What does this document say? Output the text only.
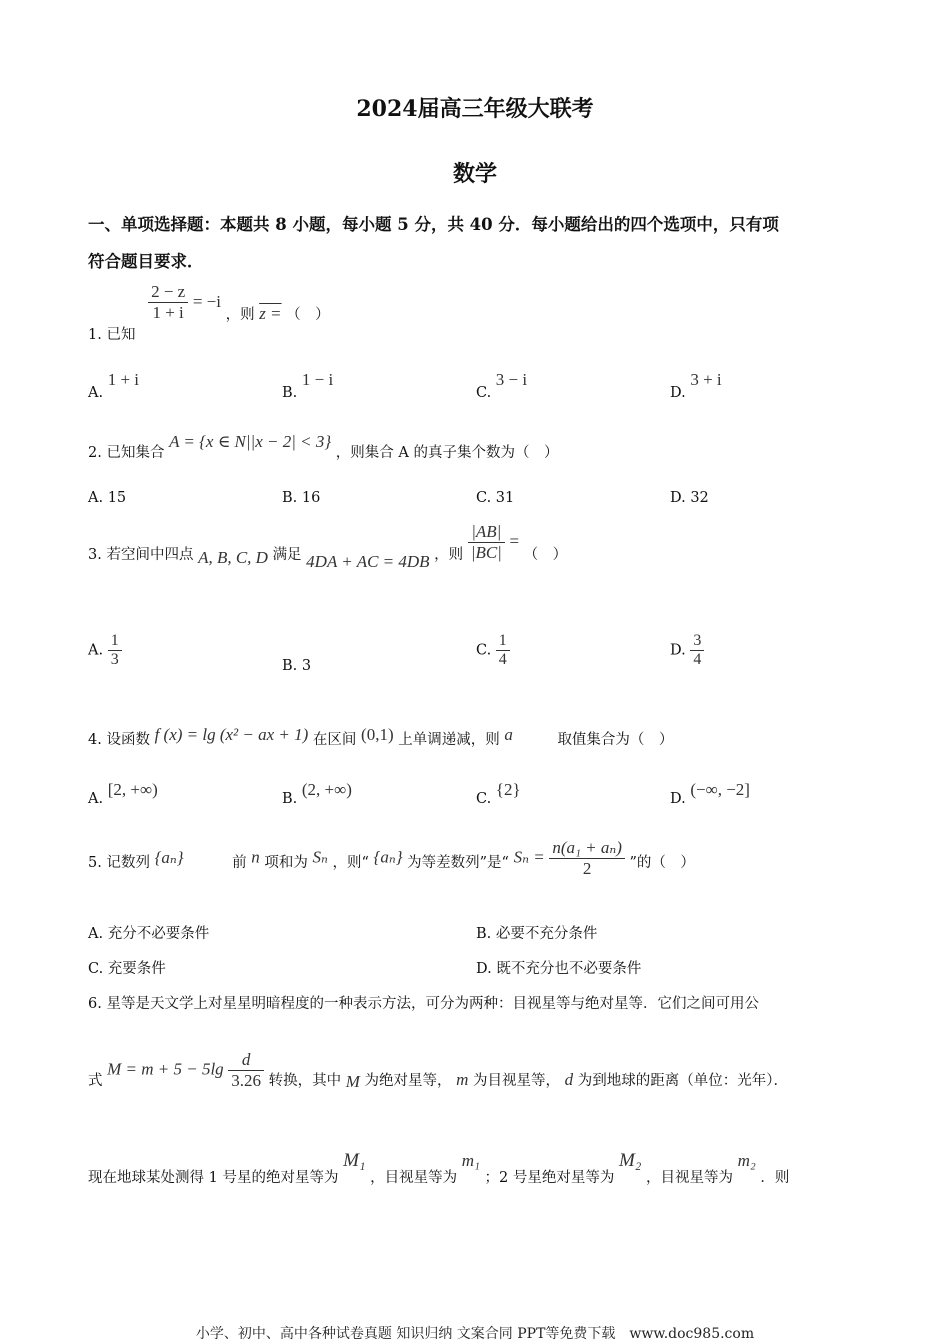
2024届高三年级大联考
数学
一、单项选择题：本题共 8 小题，每小题 5 分，共 40 分．每小题给出的四个选项中，只有项
符合题目要求．
1. 已知
$\frac{2 - z}{1 + i} = -i$ ，则 z = （　）
A. 1 + i
B. 1 − i
C. 3 − i
D. 3 + i
2. 已知集合 A = {x ∈ N||x − 2| < 3} ，则集合 A 的真子集个数为（　）
A. 15	B. 16	C. 31	D. 32
3. 若空间中四点 A, B, C, D 满足 4DA + AC = 4DB ，则 $\frac{|AB|}{|BC|}$ = （　）
A. $\frac{1}{3}$	B. 3
C. $\frac{1}{4}$	D. $\frac{3}{4}$
4. 设函数 f (x) = lg (x² − ax + 1) 在区间 (0,1) 上单调递减，则 a	取值集合为（　）
A. [2, +∞)	B. (2, +∞)	C. {2}	D. (−∞, −2]
5. 记数列 {aₙ}	前 n 项和为 Sₙ ，则“ {aₙ} 为等差数列”是“ $S_n = \frac{\text{n(a₁ + aₙ)}}{2}$ ”的（　）
A. 充分不必要条件	B. 必要不充分条件
C. 充要条件	D. 既不充分也不必要条件
6. 星等是天文学上对星星明暗程度的一种表示方法，可分为两种：目视星等与绝对星等．它们之间可用公
式 $M = m + 5 - 5\lg \frac{d}{3.26}$ 转换，其中 M 为绝对星等， m 为目视星等， d 为到地球的距离（单位：光年）．
现在地球某处测得 1 号星的绝对星等为 M₁ ，目视星等为 m₁ ；2 号星绝对星等为 M₂ ，目视星等为 m₂ ．则
小学、初中、高中各种试卷真题 知识归纳 文案合同 PPT等免费下载　www.doc985.com
